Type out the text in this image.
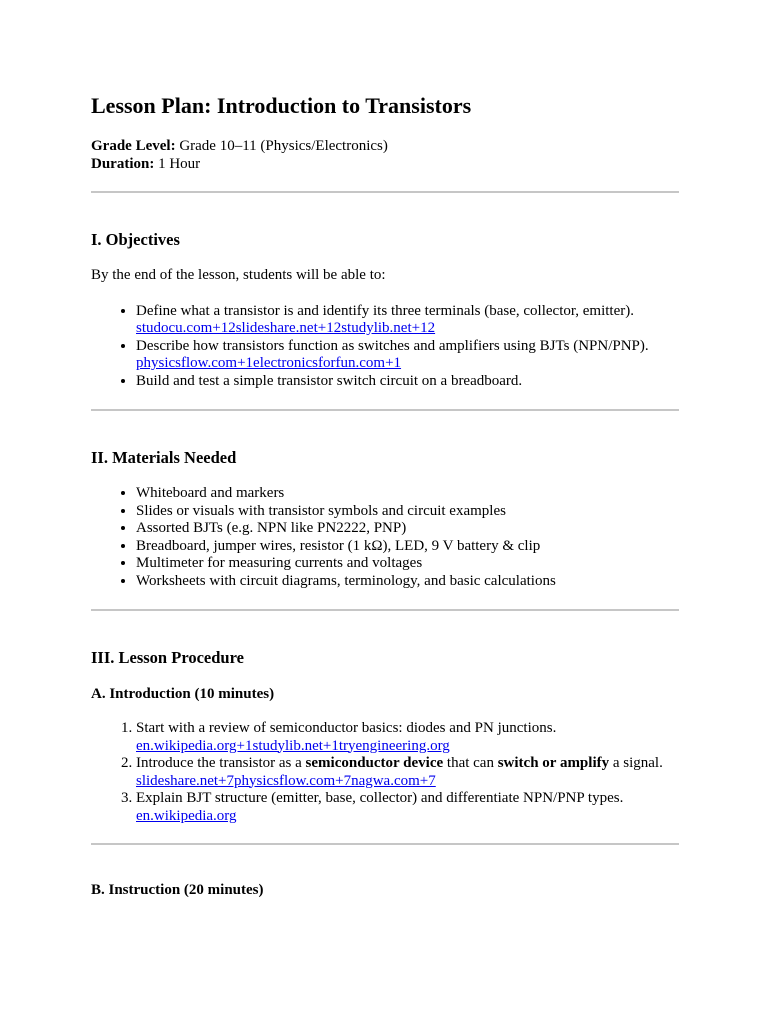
Lesson Plan: Introduction to Transistors

Grade Level: Grade 10–11 (Physics/Electronics)

Duration: 1 Hour

I. Objectives

By the end of the lesson, students will be able to:

• Define what a transistor is and identify its three terminals (base, collector, emitter).
studocu.com+12slideshare.net+12studylib.net+12
• Describe how transistors function as switches and amplifiers using BJTs (NPN/PNP).
physicsflow.com+1electronicsforfun.com+1
• Build and test a simple transistor switch circuit on a breadboard.
II. Materials Needed
• Whiteboard and markers
• Slides or visuals with transistor symbols and circuit examples
• Assorted BJTs (e.g. NPN like PN2222, PNP)
• Breadboard, jumper wires, resistor (1 kΩ), LED, 9 V battery & clip
• Multimeter for measuring currents and voltages
• Worksheets with circuit diagrams, terminology, and basic calculations
III. Lesson Procedure
A. Introduction (10 minutes)
1. Start with a review of semiconductor basics: diodes and PN junctions.
en.wikipedia.org+1studylib.net+1tryengineering.org
2. Introduce the transistor as a semiconductor device that can switch or amplify a signal.
slideshare.net+7physicsflow.com+7nagwa.com+7
3. Explain BJT structure (emitter, base, collector) and differentiate NPN/PNP types.
en.wikipedia.org
B. Instruction (20 minutes)
